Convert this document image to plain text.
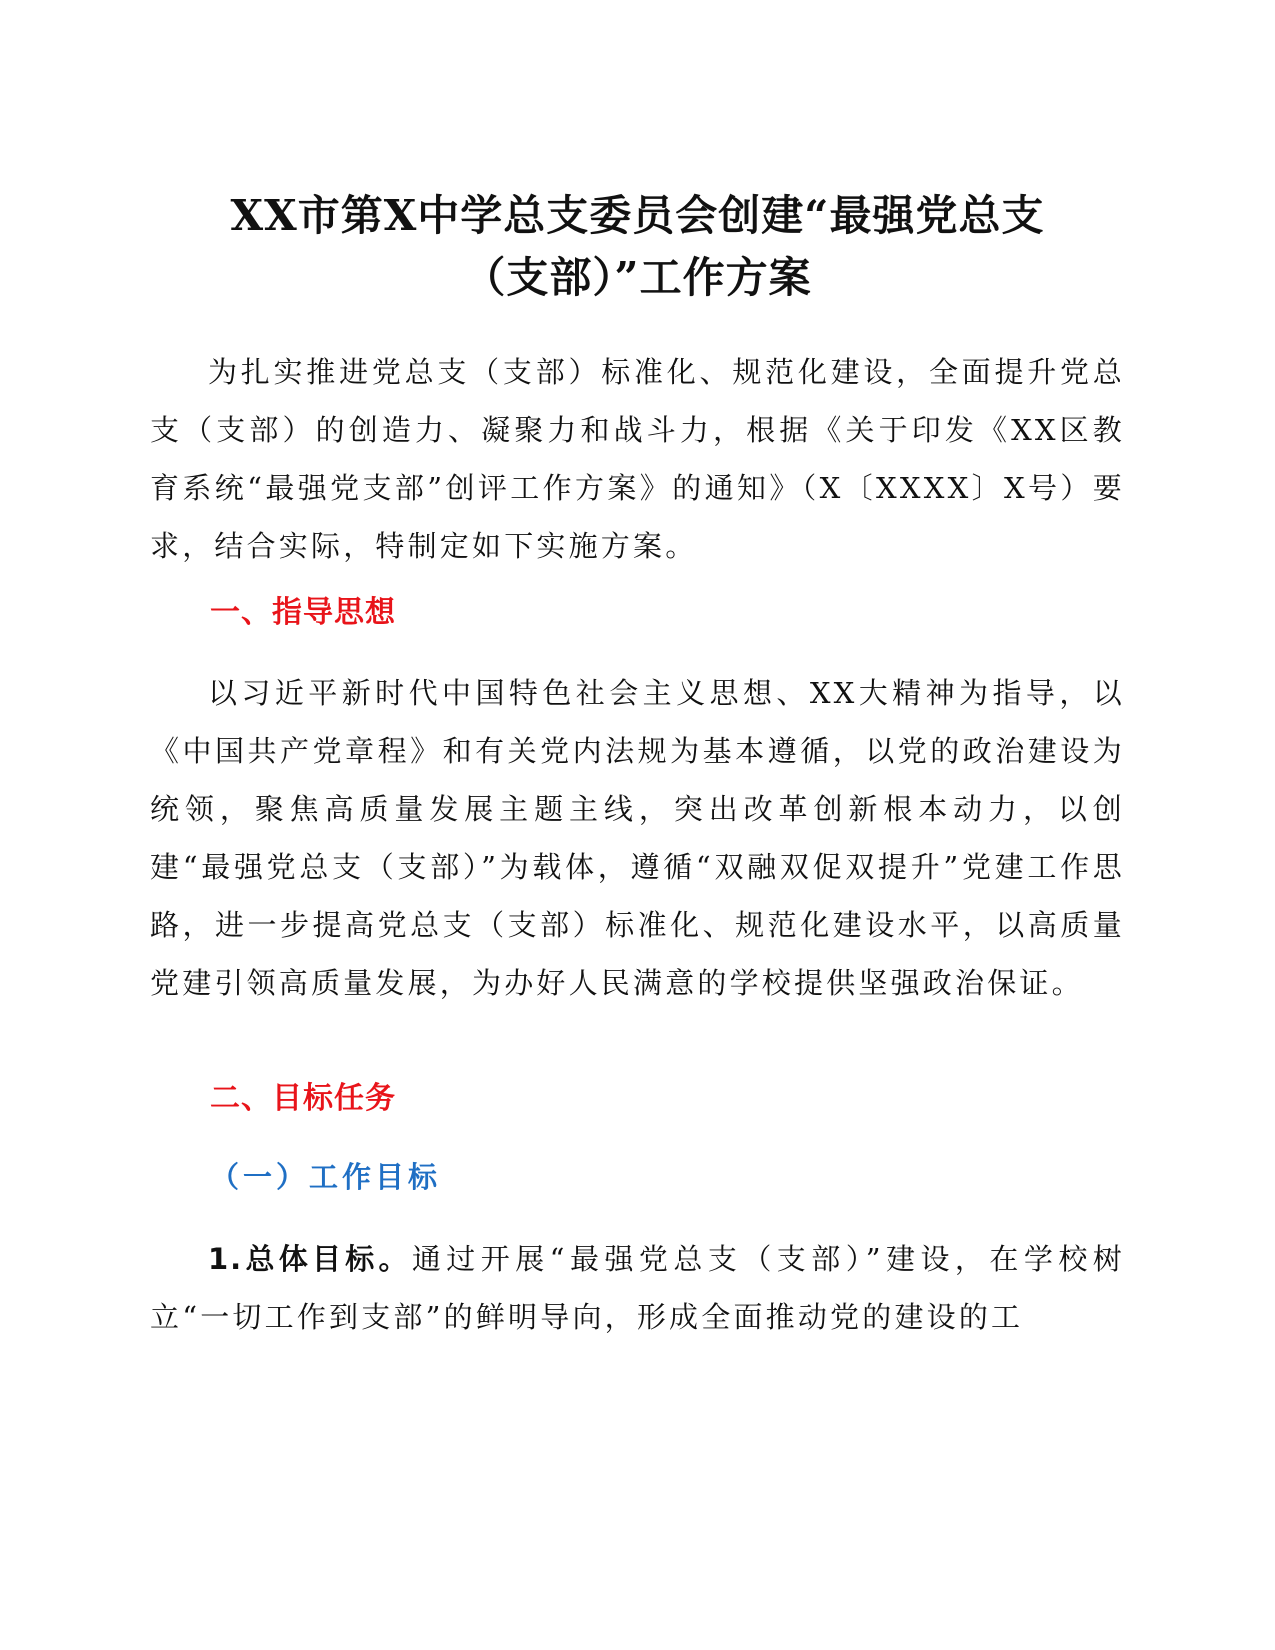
XX市第X中学总支委员会创建“最强党总支
（支部）”工作方案

为扎实推进党总支（支部）标准化、规范化建设，全面提升党总支（支部）的创造力、凝聚力和战斗力，根据《关于印发《XX区教育系统“最强党支部”创评工作方案》的通知》（X〔XXXX〕X号）要求，结合实际，特制定如下实施方案。

一、指导思想

以习近平新时代中国特色社会主义思想、XX大精神为指导，以《中国共产党章程》和有关党内法规为基本遵循，以党的政治建设为统领，聚焦高质量发展主题主线，突出改革创新根本动力，以创建“最强党总支（支部）”为载体，遵循“双融双促双提升”党建工作思路，进一步提高党总支（支部）标准化、规范化建设水平，以高质量党建引领高质量发展，为办好人民满意的学校提供坚强政治保证。

二、目标任务
（一）工作目标

1.总体目标。通过开展“最强党总支（支部）”建设，在学校树立“一切工作到支部”的鲜明导向，形成全面推动党的建设的工
